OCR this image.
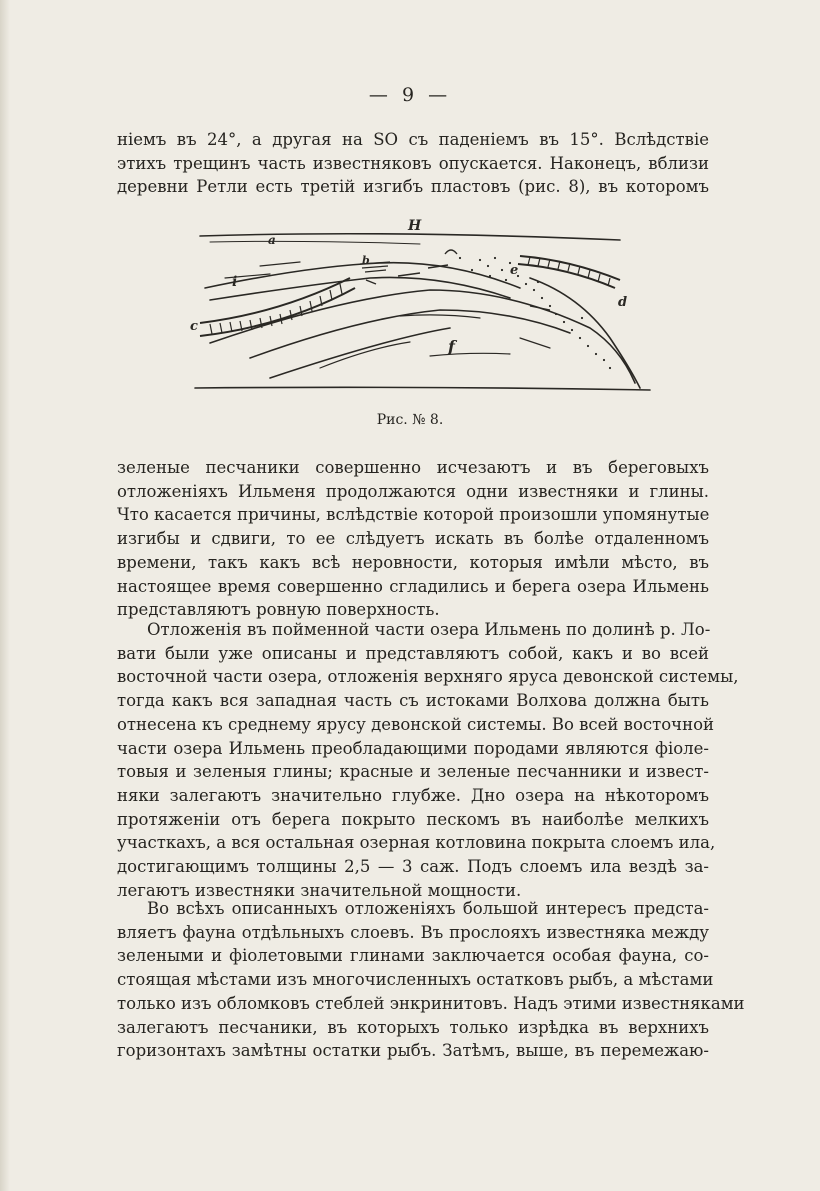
— 9 —
ніемъ въ 24°, а другая на SO съ паденіемъ въ 15°. Вслѣдствіе
этихъ трещинъ часть известняковъ опускается. Наконецъ, вблизи
деревни Ретли есть третій изгибъ пластовъ (рис. 8), въ которомъ
H
a
b
c
d
e
f
i
Рис. № 8.
зеленые песчаники совершенно исчезаютъ и въ береговыхъ
отложеніяхъ Ильменя продолжаются одни известняки и глины.
Что касается причины, вслѣдствіе которой произошли упомянутые
изгибы и сдвиги, то ее слѣдуетъ искать въ болѣе отдаленномъ
времени, такъ какъ всѣ неровности, которыя имѣли мѣсто, въ
настоящее время совершенно сгладились и берега озера Ильмень
представляютъ ровную поверхность.
Отложенія въ пойменной части озера Ильмень по долинѣ р. Ло-
вати были уже описаны и представляютъ собой, какъ и во всей
восточной части озера, отложенія верхняго яруса девонской системы,
тогда какъ вся западная часть съ истоками Волхова должна быть
отнесена къ среднему ярусу девонской системы. Во всей восточной
части озера Ильмень преобладающими породами являются фіоле-
товыя и зеленыя глины; красные и зеленые песчанники и извест-
няки залегаютъ значительно глубже. Дно озера на нѣкоторомъ
протяженіи отъ берега покрыто пескомъ въ наиболѣе мелкихъ
участкахъ, а вся остальная озерная котловина покрыта слоемъ ила,
достигающимъ толщины 2,5 — 3 саж. Подъ слоемъ ила вездѣ за-
легаютъ известняки значительной мощности.
Во всѣхъ описанныхъ отложеніяхъ большой интересъ предста-
вляетъ фауна отдѣльныхъ слоевъ. Въ прослояхъ известняка между
зелеными и фіолетовыми глинами заключается особая фауна, со-
стоящая мѣстами изъ многочисленныхъ остатковъ рыбъ, а мѣстами
только изъ обломковъ стеблей энкринитовъ. Надъ этими известняками
залегаютъ песчаники, въ которыхъ только изрѣдка въ верхнихъ
горизонтахъ замѣтны остатки рыбъ. Затѣмъ, выше, въ перемежаю-
